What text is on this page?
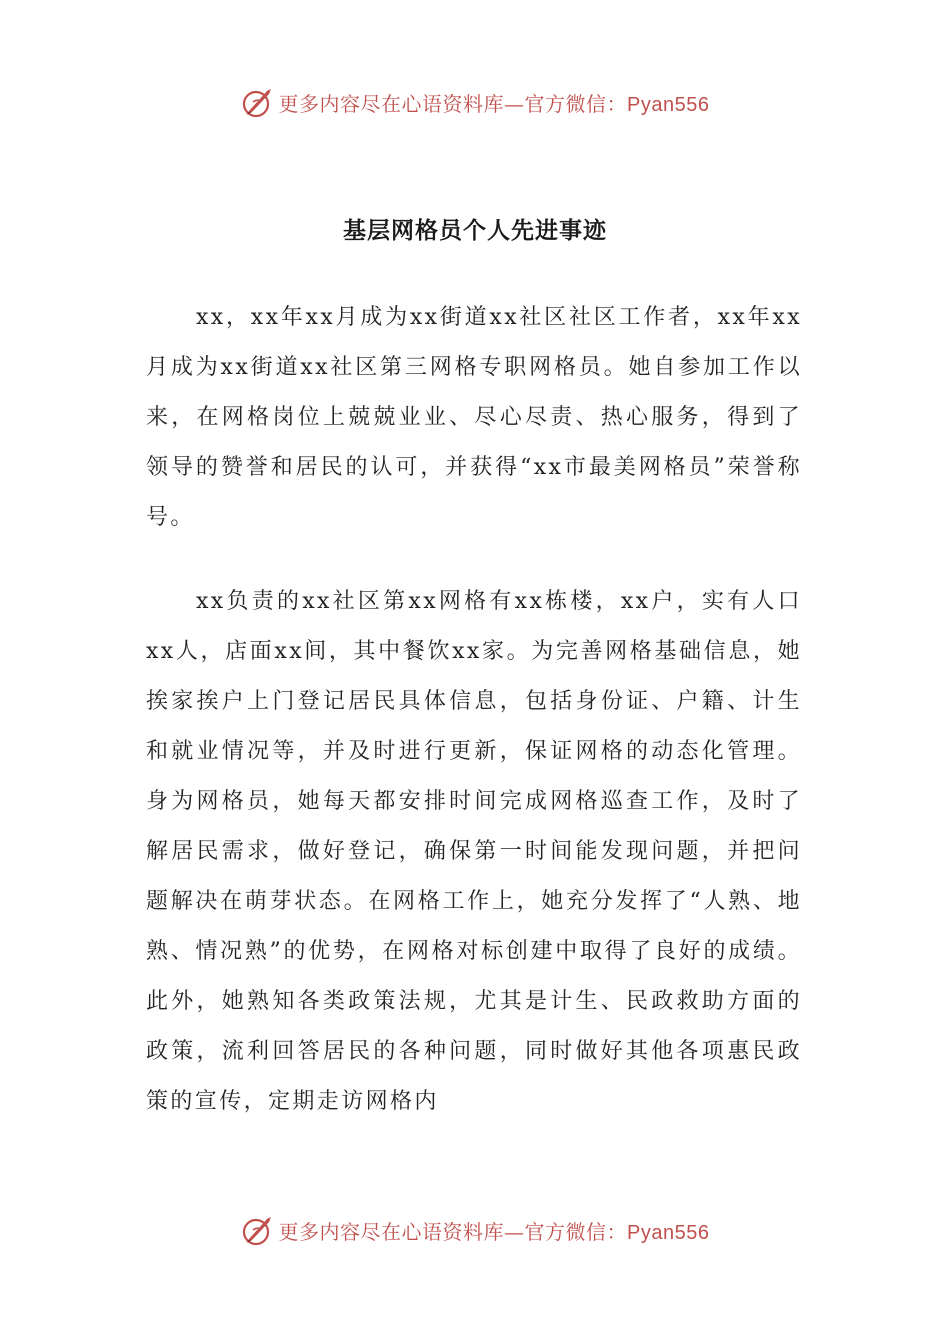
更多内容尽在心语资料库—官方微信：Pyan556
基层网格员个人先进事迹

xx，xx年xx月成为xx街道xx社区社区工作者，xx年xx月成为xx街道xx社区第三网格专职网格员。她自参加工作以来，在网格岗位上兢兢业业、尽心尽责、热心服务，得到了领导的赞誉和居民的认可，并获得“xx市最美网格员”荣誉称号。

xx负责的xx社区第xx网格有xx栋楼，xx户，实有人口xx人，店面xx间，其中餐饮xx家。为完善网格基础信息，她挨家挨户上门登记居民具体信息，包括身份证、户籍、计生和就业情况等，并及时进行更新，保证网格的动态化管理。身为网格员，她每天都安排时间完成网格巡查工作，及时了解居民需求，做好登记，确保第一时间能发现问题，并把问题解决在萌芽状态。在网格工作上，她充分发挥了“人熟、地熟、情况熟”的优势，在网格对标创建中取得了良好的成绩。此外，她熟知各类政策法规，尤其是计生、民政救助方面的政策，流利回答居民的各种问题，同时做好其他各项惠民政策的宣传，定期走访网格内

更多内容尽在心语资料库—官方微信：Pyan556
